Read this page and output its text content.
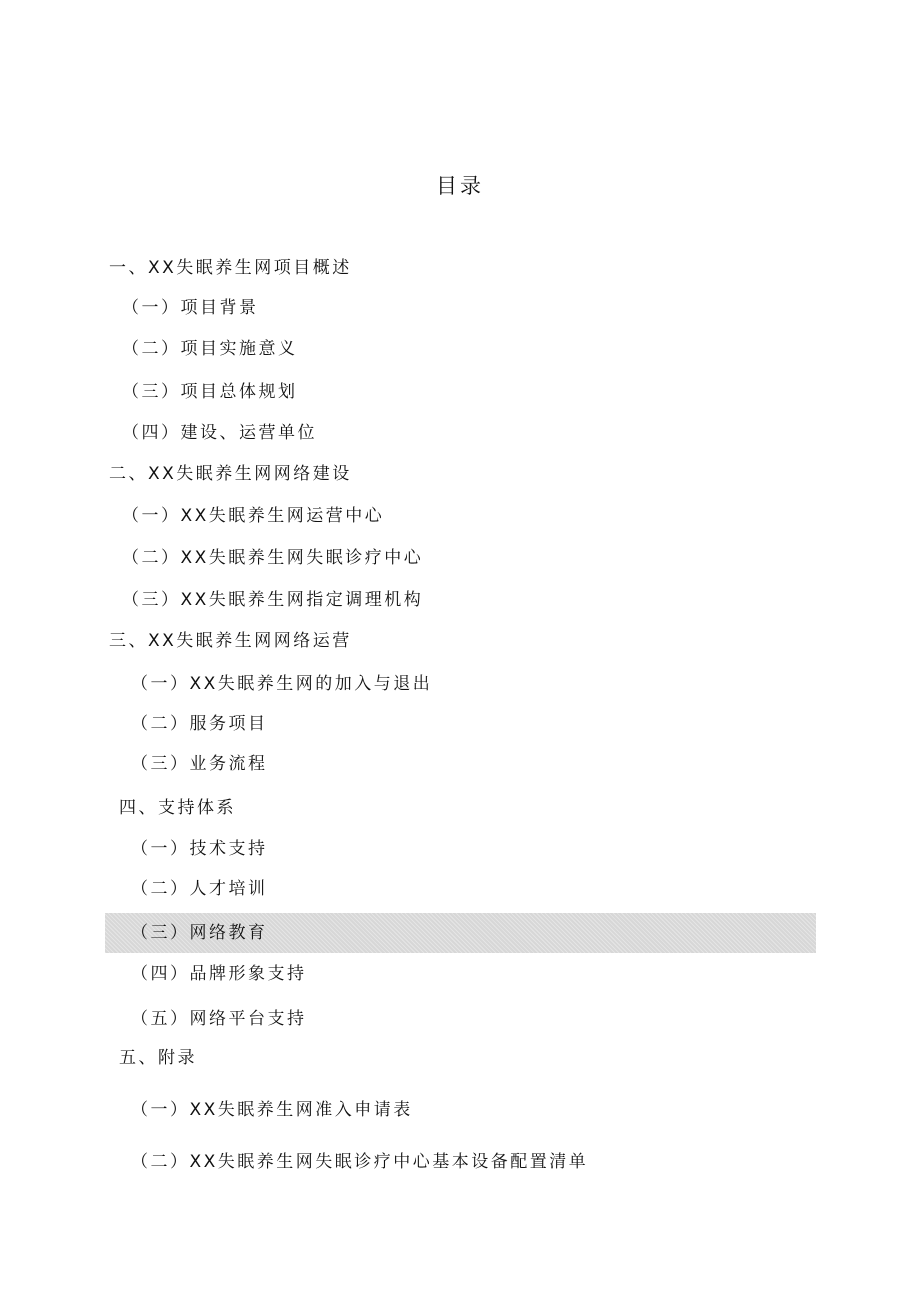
目录
一、XX失眠养生网项目概述
（一）项目背景
（二）项目实施意义
（三）项目总体规划
（四）建设、运营单位
二、XX失眠养生网网络建设
（一）XX失眠养生网运营中心
（二）XX失眠养生网失眠诊疗中心
（三）XX失眠养生网指定调理机构
三、XX失眠养生网网络运营
（一）XX失眠养生网的加入与退出
（二）服务项目
（三）业务流程
四、支持体系
（一）技术支持
（二）人才培训
（三）网络教育
（四）品牌形象支持
（五）网络平台支持
五、附录
（一）XX失眠养生网准入申请表
（二）XX失眠养生网失眠诊疗中心基本设备配置清单
